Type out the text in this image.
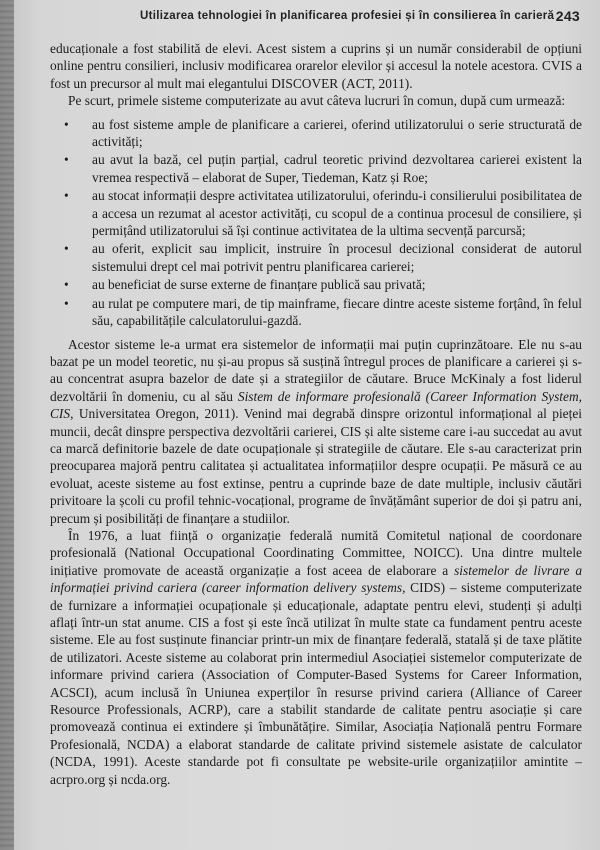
Utilizarea tehnologiei în planificarea profesiei și în consilierea în carieră 243

educaționale a fost stabilită de elevi. Acest sistem a cuprins și un număr considerabil de opțiuni online pentru consilieri, inclusiv modificarea orarelor elevilor și accesul la notele acestora. CVIS a fost un precursor al mult mai elegantului DISCOVER (ACT, 2011).

Pe scurt, primele sisteme computerizate au avut câteva lucruri în comun, după cum urmează:

• au fost sisteme ample de planificare a carierei, oferind utilizatorului o serie structurată de activități;
• au avut la bază, cel puțin parțial, cadrul teoretic privind dezvoltarea carierei existent la vremea respectivă – elaborat de Super, Tiedeman, Katz și Roe;
• au stocat informații despre activitatea utilizatorului, oferindu-i consilierului posibilitatea de a accesa un rezumat al acestor activități, cu scopul de a continua procesul de consiliere, și permițând utilizatorului să își continue activitatea de la ultima secvență parcursă;
• au oferit, explicit sau implicit, instruire în procesul decizional considerat de autorul sistemului drept cel mai potrivit pentru planificarea carierei;
• au beneficiat de surse externe de finanțare publică sau privată;
• au rulat pe computere mari, de tip mainframe, fiecare dintre aceste sisteme forțând, în felul său, capabilitățile calculatorului-gazdă.

Acestor sisteme le-a urmat era sistemelor de informații mai puțin cuprinzătoare. Ele nu s-au bazat pe un model teoretic, nu și-au propus să susțină întregul proces de planificare a carierei și s-au concentrat asupra bazelor de date și a strategiilor de căutare. Bruce McKinaly a fost liderul dezvoltării în domeniu, cu al său Sistem de informare profesională (Career Information System, CIS, Universitatea Oregon, 2011). Venind mai degrabă dinspre orizontul informațional al pieței muncii, decât dinspre perspectiva dezvoltării carierei, CIS și alte sisteme care i-au succedat au avut ca marcă definitorie bazele de date ocupaționale și strategiile de căutare. Ele s-au caracterizat prin preocuparea majoră pentru calitatea și actualitatea informațiilor despre ocupații. Pe măsură ce au evoluat, aceste sisteme au fost extinse, pentru a cuprinde baze de date multiple, inclusiv căutări privitoare la școli cu profil tehnic-vocațional, programe de învățământ superior de doi și patru ani, precum și posibilități de finanțare a studiilor.

În 1976, a luat ființă o organizație federală numită Comitetul național de coordonare profesională (National Occupational Coordinating Committee, NOICC). Una dintre multele inițiative promovate de această organizație a fost aceea de elaborare a sistemelor de livrare a informației privind cariera (career information delivery systems, CIDS) – sisteme computerizate de furnizare a informației ocupaționale și educaționale, adaptate pentru elevi, studenți și adulți aflați într-un stat anume. CIS a fost și este încă utilizat în multe state ca fundament pentru aceste sisteme. Ele au fost susținute financiar printr-un mix de finanțare federală, statală și de taxe plătite de utilizatori. Aceste sisteme au colaborat prin intermediul Asociației sistemelor computerizate de informare privind cariera (Association of Computer-Based Systems for Career Information, ACSCI), acum inclusă în Uniunea experților în resurse privind cariera (Alliance of Career Resource Professionals, ACRP), care a stabilit standarde de calitate pentru asociație și care promovează continua ei extindere și îmbunătățire. Similar, Asociația Națională pentru Formare Profesională, NCDA) a elaborat standarde de calitate privind sistemele asistate de calculator (NCDA, 1991). Aceste standarde pot fi consultate pe website-urile organizațiilor amintite – acrpro.org și ncda.org.
